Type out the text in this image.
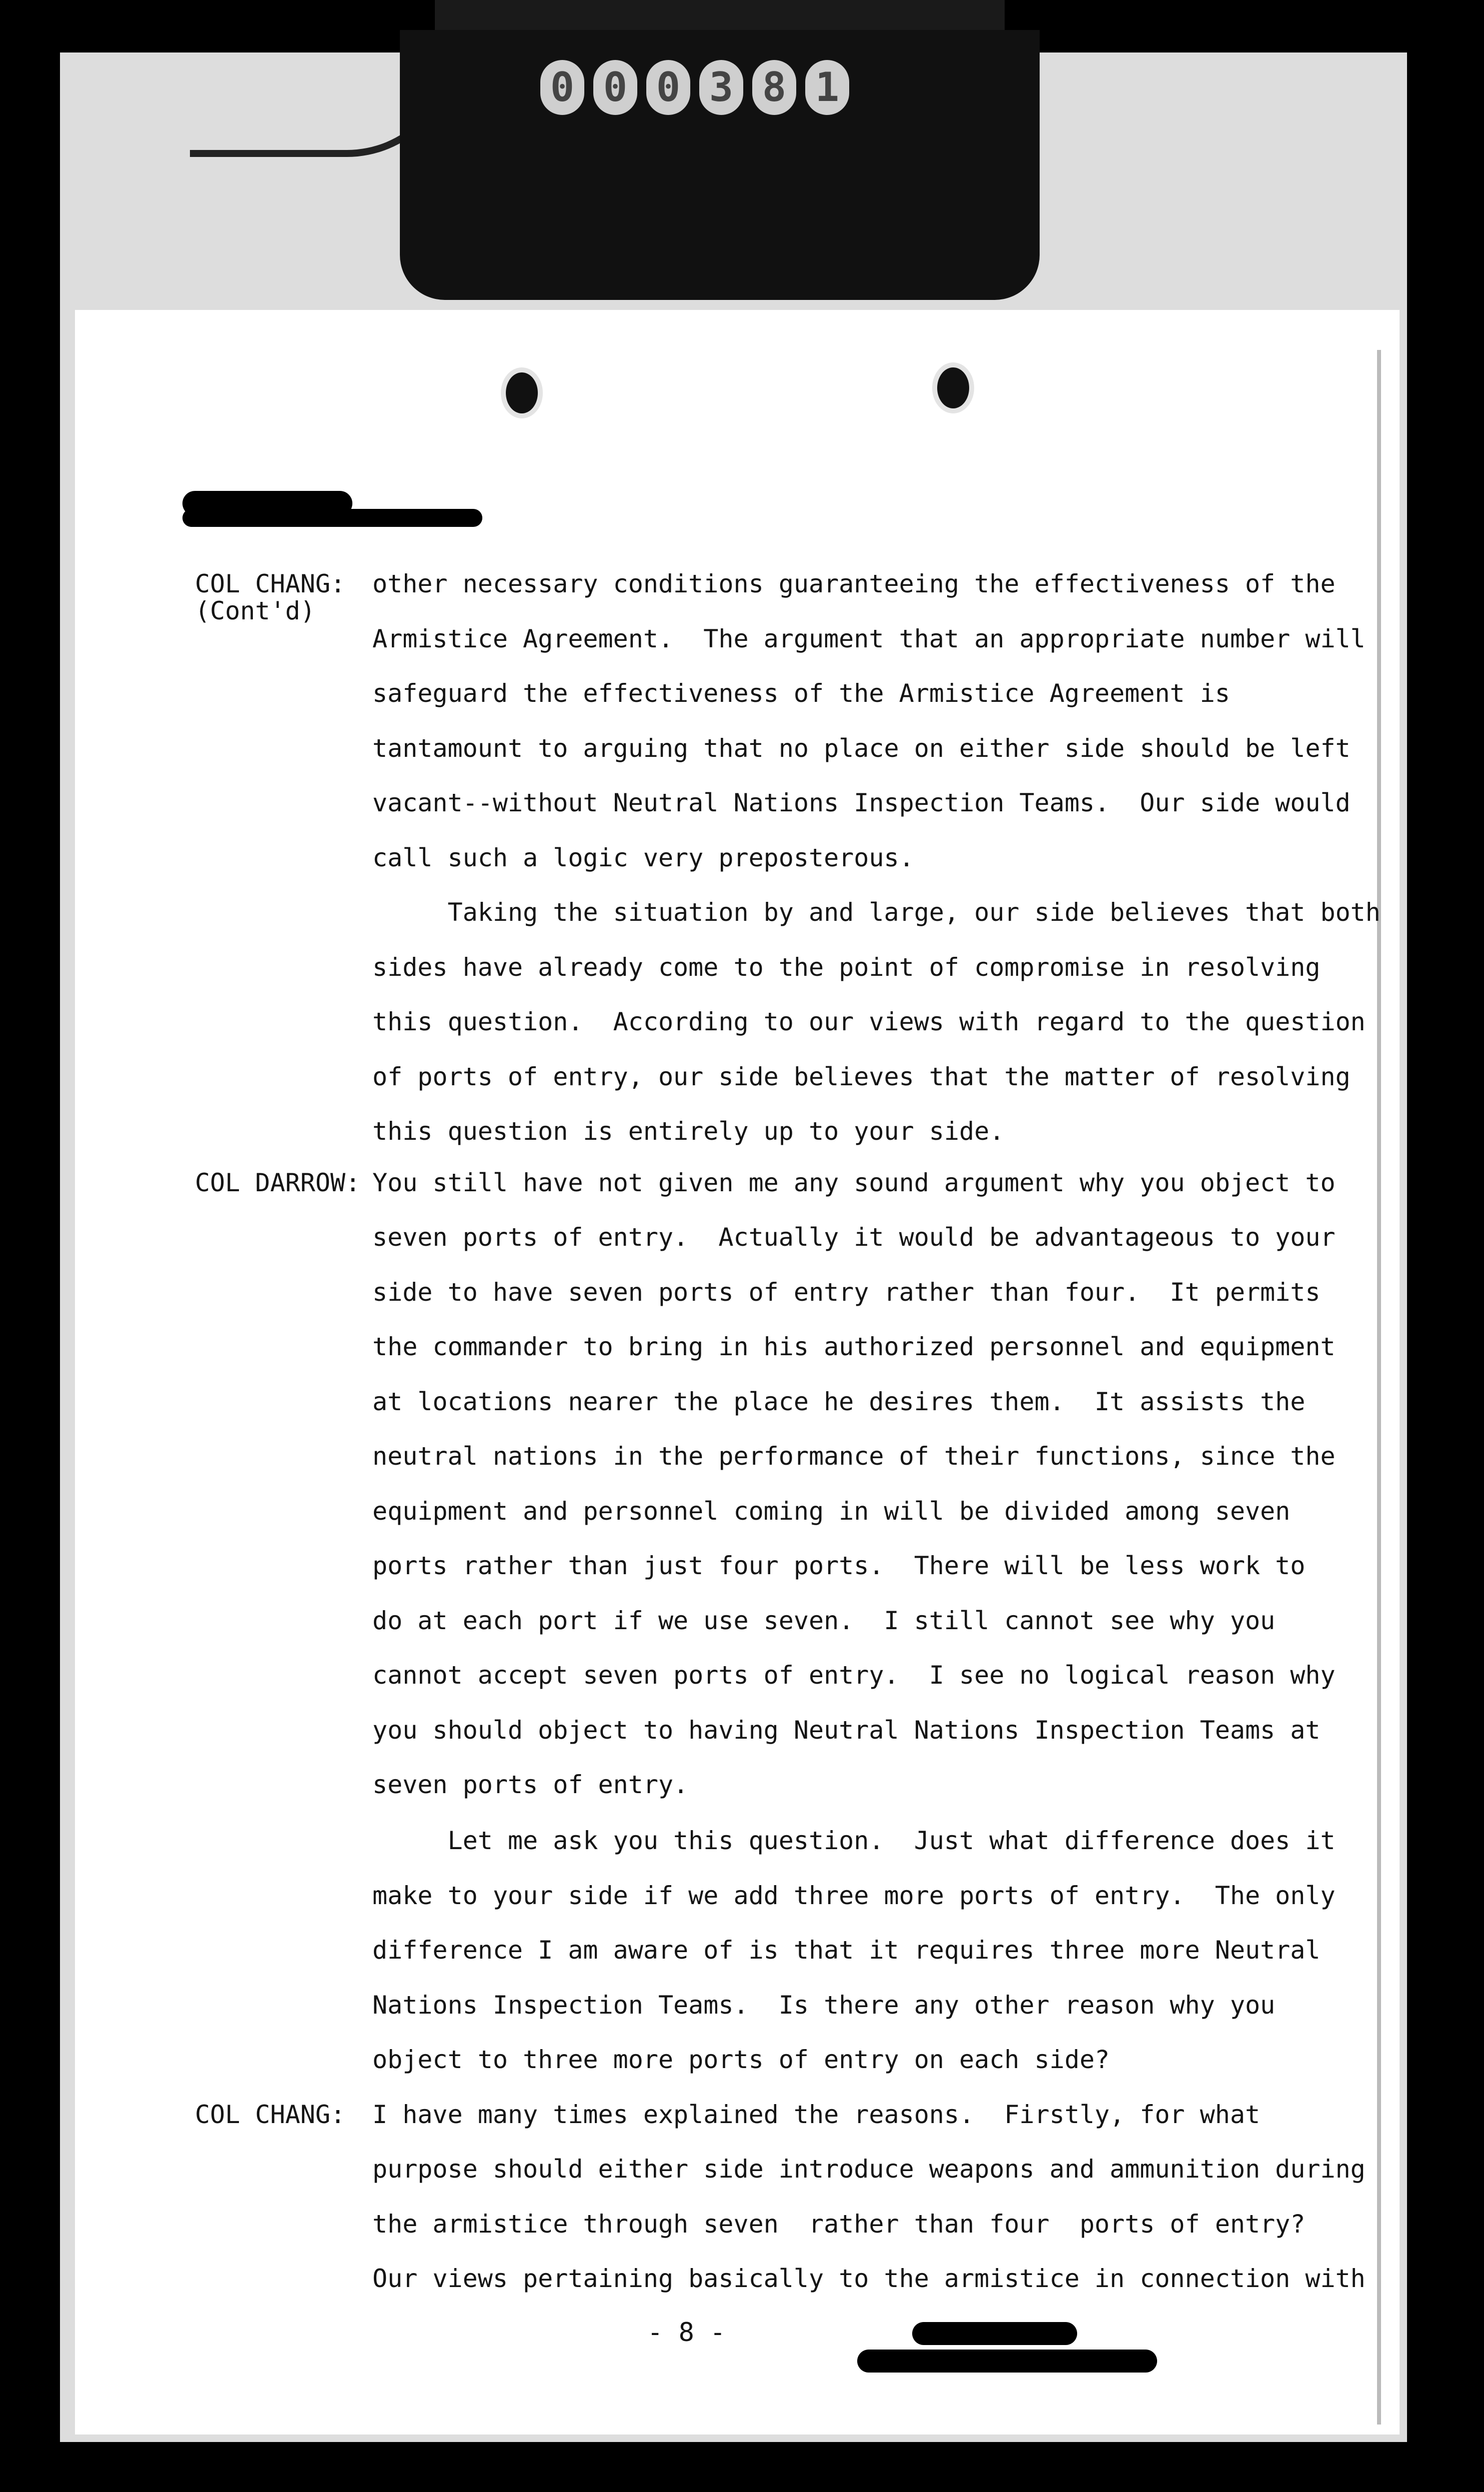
0 0 0 3 8 1
COL CHANG:
(Cont'd)
COL DARROW:
COL CHANG:
other necessary conditions guaranteeing the effectiveness of the
Armistice Agreement.  The argument that an appropriate number will
safeguard the effectiveness of the Armistice Agreement is
tantamount to arguing that no place on either side should be left
vacant--without Neutral Nations Inspection Teams.  Our side would
call such a logic very preposterous.
Taking the situation by and large, our side believes that both
sides have already come to the point of compromise in resolving
this question.  According to our views with regard to the question
of ports of entry, our side believes that the matter of resolving
this question is entirely up to your side.
You still have not given me any sound argument why you object to
seven ports of entry.  Actually it would be advantageous to your
side to have seven ports of entry rather than four.  It permits
the commander to bring in his authorized personnel and equipment
at locations nearer the place he desires them.  It assists the
neutral nations in the performance of their functions, since the
equipment and personnel coming in will be divided among seven
ports rather than just four ports.  There will be less work to
do at each port if we use seven.  I still cannot see why you
cannot accept seven ports of entry.  I see no logical reason why
you should object to having Neutral Nations Inspection Teams at
seven ports of entry.
Let me ask you this question.  Just what difference does it
make to your side if we add three more ports of entry.  The only
difference I am aware of is that it requires three more Neutral
Nations Inspection Teams.  Is there any other reason why you
object to three more ports of entry on each side?
I have many times explained the reasons.  Firstly, for what
purpose should either side introduce weapons and ammunition during
the armistice through seven  rather than four  ports of entry?
Our views pertaining basically to the armistice in connection with
- 8 -
